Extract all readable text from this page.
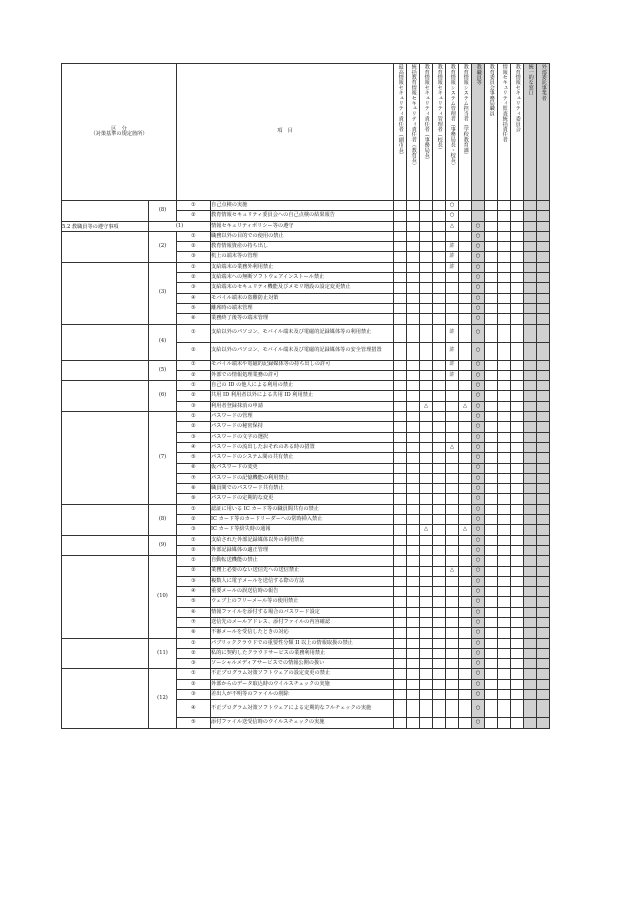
区　分
（対策基準の規定箇所）		項　目		最高情報セキュリティ責任者（副市長）	統括教育情報セキュリティ責任者（教育長）	教育情報セキュリティ責任者（事務局長）	教育情報セキュリティ管理者（校長）	教育情報システム管理者（事務局長・校長）	教育情報システム担当者（学校教育課）	教職員等	教育委員会事務局職員	情報セキュリティ監査統括責任者	教育情報セキュリティ委員会	統一的な窓口	外部委託事業者

	(8)	①	自己点検の実施					○							
		②	教育情報セキュリティ委員会への自己点検の結果報告					○							

5.2 教職員等の遵守事項	(1)		情報セキュリティポリシー等の遵守					△		○					

	(2)	①	職務以外の目的での使用の禁止							○					
		②	教育情報資産の持ち出し					許		○					
		③	机上の端末等の管理					許		○					

	(3)	①	支給端末の業務外利用禁止					許		○					
		②	支給端末への無断ソフトウェアインストール禁止							○					
		③	支給端末のセキュリティ機能及びメモリ増設の設定変更禁止							○					
		④	モバイル端末の盗難防止対策							○					
		⑤	離席時の端末管理							○					
		⑥	業務終了後等の端末管理							○					

	(4)	①	支給以外のパソコン、モバイル端末及び電磁的記録媒体等の利用禁止					許		○					
		②	支給以外のパソコン、モバイル端末及び電磁的記録媒体等の安全管理措置					許		○					

	(5)	①	モバイル端末や電磁的記録媒体等の持ち出しの許可					許		○					
		②	外部での情報処理業務の許可					許		○					

	(6)	①	自己の ID の他人による利用の禁止							○					
		②	共用 ID 利用者以外による共用 ID 利用禁止							○					
		③	利用者登録抹消の申請			△			△	○					

	(7)	①	パスワードの管理							○					
		②	パスワードの秘密保持							○					
		③	パスワードの文字の選択							○					
		④	パスワードの流出したおそれのある時の措置					△		○					
		⑤	パスワードのシステム間の共有禁止							○					
		⑥	仮パスワードの変更							○					
		⑦	パスワードの記憶機能の利用禁止							○					
		⑧	職員間でのパスワード共有禁止							○					
		⑨	パスワードの定期的な変更							○					

	(8)	①	認証に用いる IC カード等の職員間共有の禁止							○					
		②	IC カード等のカードリーダーへの常時挿入禁止							○					
		③	IC カード等紛失時の通報			△			△	○					

	(9)	①	支給された外部記録媒体以外の利用禁止							○					
		②	外部記録媒体の適正管理							○					

	(10)	①	自動転送機能の禁止							○					
		②	業務上必要のない送信先への送信禁止					△		○					
		③	複数人に電子メールを送信する際の方法							○					
		④	重要メールの誤送信時の報告							○					
		⑤	ウェブ上のフリーメール等の使用禁止							○					
		⑥	情報ファイルを添付する場合のパスワード設定							○					
		⑦	送信先のメールアドレス、添付ファイルの内容確認							○					
		⑧	不審メールを受信したときの対応							○					

	(11)	①	パブリッククラウドでの重要性分類 II 以上の情報取扱の禁止							○					
		②	私的に契約したクラウドサービスの業務利用禁止							○					
		③	ソーシャルメディアサービスでの情報公開の扱い							○					

	(12)	①	不正プログラム対策ソフトウェアの設定変更の禁止							○					
		②	外部からのデータ取込時のウイルスチェックの実施							○					
		③	差出人が不明等のファイルの削除							○					
		④	不正プログラム対策ソフトウェアによる定期的なフルチェックの実施							○					
		⑤	添付ファイル送受信時のウイルスチェックの実施							○					
